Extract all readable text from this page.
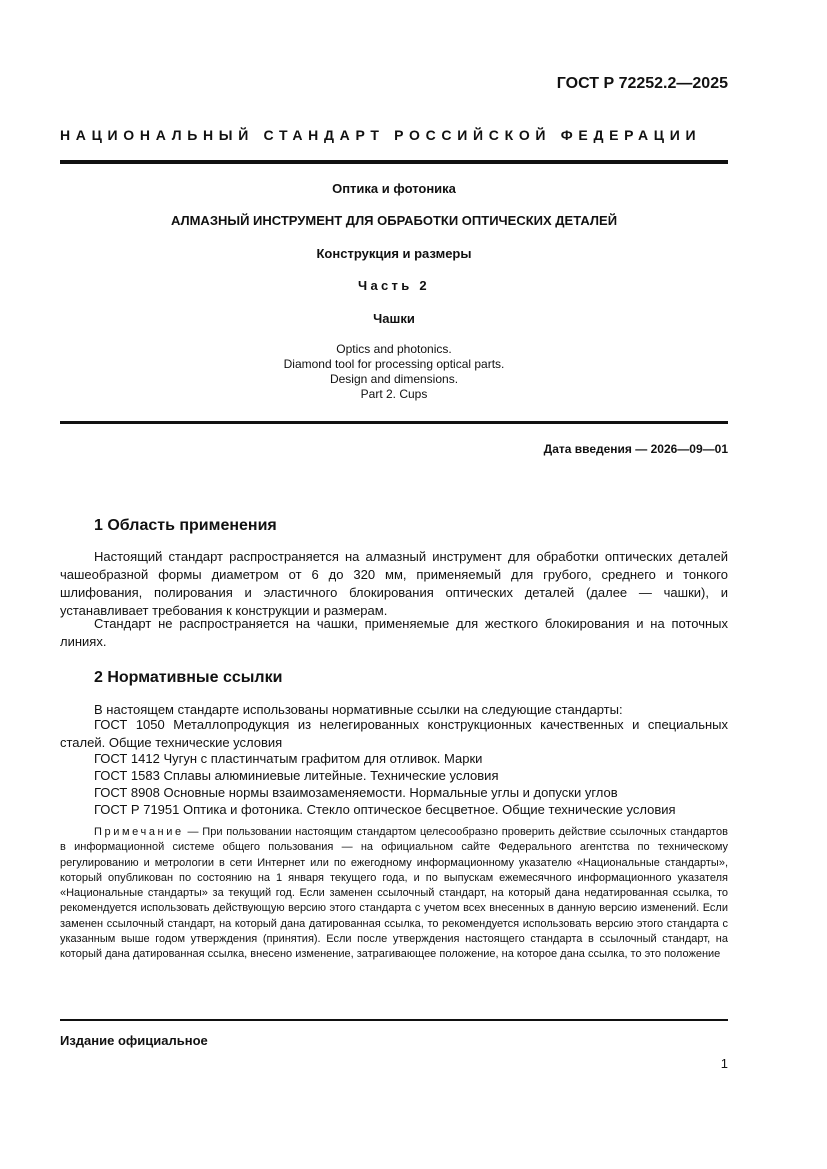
ГОСТ Р 72252.2—2025
НАЦИОНАЛЬНЫЙ СТАНДАРТ РОССИЙСКОЙ ФЕДЕРАЦИИ
Оптика и фотоника
АЛМАЗНЫЙ ИНСТРУМЕНТ ДЛЯ ОБРАБОТКИ ОПТИЧЕСКИХ ДЕТАЛЕЙ
Конструкция и размеры
Часть 2
Чашки
Optics and photonics.
Diamond tool for processing optical parts.
Design and dimensions.
Part 2. Cups
Дата введения — 2026—09—01
1 Область применения
Настоящий стандарт распространяется на алмазный инструмент для обработки оптических деталей чашеобразной формы диаметром от 6 до 320 мм, применяемый для грубого, среднего и тонкого шлифования, полирования и эластичного блокирования оптических деталей (далее — чашки), и устанавливает требования к конструкции и размерам.
Стандарт не распространяется на чашки, применяемые для жесткого блокирования и на поточных линиях.
2 Нормативные ссылки
В настоящем стандарте использованы нормативные ссылки на следующие стандарты:
ГОСТ 1050 Металлопродукция из нелегированных конструкционных качественных и специальных сталей. Общие технические условия
ГОСТ 1412 Чугун с пластинчатым графитом для отливок. Марки
ГОСТ 1583 Сплавы алюминиевые литейные. Технические условия
ГОСТ 8908 Основные нормы взаимозаменяемости. Нормальные углы и допуски углов
ГОСТ Р 71951 Оптика и фотоника. Стекло оптическое бесцветное. Общие технические условия
Примечание — При пользовании настоящим стандартом целесообразно проверить действие ссылочных стандартов в информационной системе общего пользования — на официальном сайте Федерального агентства по техническому регулированию и метрологии в сети Интернет или по ежегодному информационному указателю «Национальные стандарты», который опубликован по состоянию на 1 января текущего года, и по выпускам ежемесячного информационного указателя «Национальные стандарты» за текущий год. Если заменен ссылочный стандарт, на который дана недатированная ссылка, то рекомендуется использовать действующую версию этого стандарта с учетом всех внесенных в данную версию изменений. Если заменен ссылочный стандарт, на который дана датированная ссылка, то рекомендуется использовать версию этого стандарта с указанным выше годом утверждения (принятия). Если после утверждения настоящего стандарта в ссылочный стандарт, на который дана датированная ссылка, внесено изменение, затрагивающее положение, на которое дана ссылка, то это положение
Издание официальное
1
